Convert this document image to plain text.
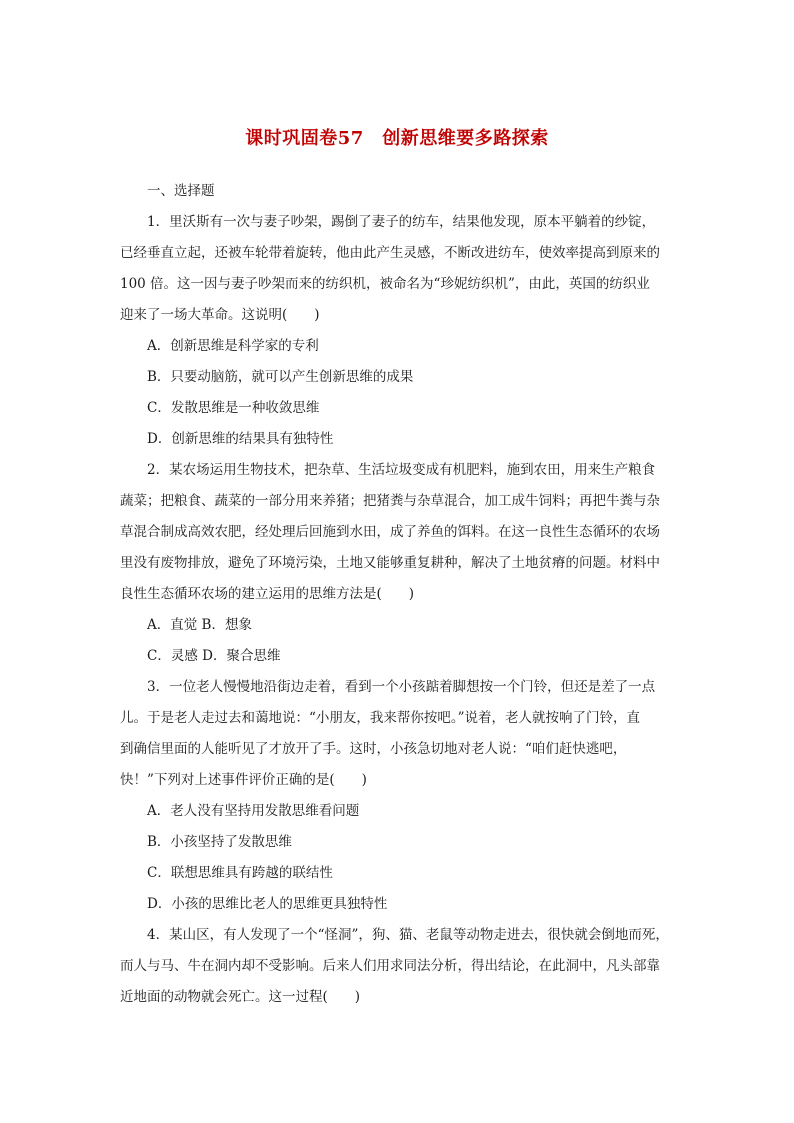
课时巩固卷57　创新思维要多路探索
一、选择题
1．里沃斯有一次与妻子吵架，踢倒了妻子的纺车，结果他发现，原本平躺着的纱锭，
已经垂直立起，还被车轮带着旋转，他由此产生灵感，不断改进纺车，使效率提高到原来的
100 倍。这一因与妻子吵架而来的纺织机，被命名为“珍妮纺织机”，由此，英国的纺织业
迎来了一场大革命。这说明(　　)
A．创新思维是科学家的专利
B．只要动脑筋，就可以产生创新思维的成果
C．发散思维是一种收敛思维
D．创新思维的结果具有独特性
2．某农场运用生物技术，把杂草、生活垃圾变成有机肥料，施到农田，用来生产粮食
蔬菜；把粮食、蔬菜的一部分用来养猪；把猪粪与杂草混合，加工成牛饲料；再把牛粪与杂
草混合制成高效农肥，经处理后回施到水田，成了养鱼的饵料。在这一良性生态循环的农场
里没有废物排放，避免了环境污染，土地又能够重复耕种，解决了土地贫瘠的问题。材料中
良性生态循环农场的建立运用的思维方法是(　　)
A．直觉 B．想象
C．灵感 D．聚合思维
3．一位老人慢慢地沿街边走着，看到一个小孩踮着脚想按一个门铃，但还是差了一点
儿。于是老人走过去和蔼地说：“小朋友，我来帮你按吧。”说着，老人就按响了门铃，直
到确信里面的人能听见了才放开了手。这时，小孩急切地对老人说：“咱们赶快逃吧，
快！”下列对上述事件评价正确的是(　　)
A．老人没有坚持用发散思维看问题
B．小孩坚持了发散思维
C．联想思维具有跨越的联结性
D．小孩的思维比老人的思维更具独特性
4．某山区，有人发现了一个“怪洞”，狗、猫、老鼠等动物走进去，很快就会倒地而死，
而人与马、牛在洞内却不受影响。后来人们用求同法分析，得出结论，在此洞中，凡头部靠
近地面的动物就会死亡。这一过程(　　)
